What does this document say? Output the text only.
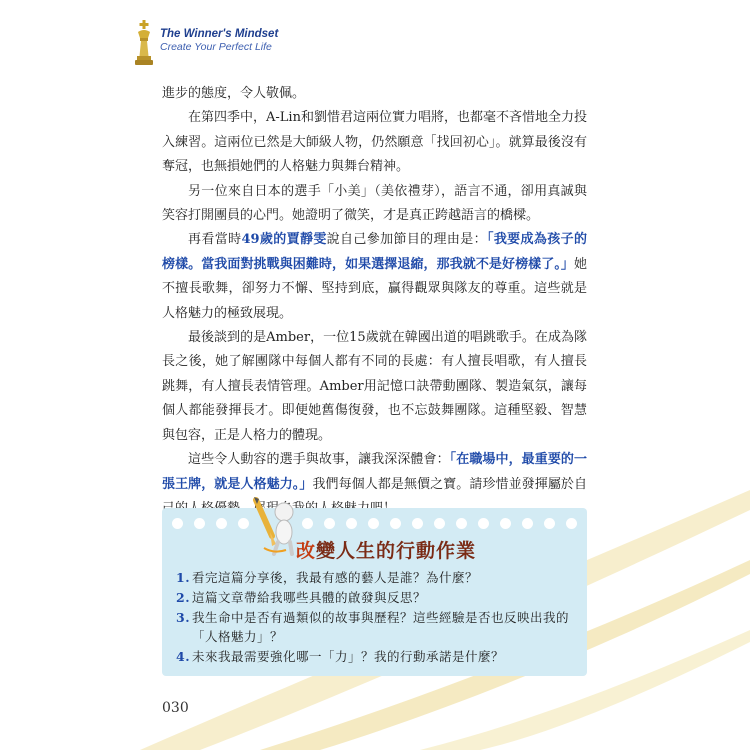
The Winner's Mindset
Create Your Perfect Life

進步的態度，令人敬佩。

在第四季中，A-Lin和劉惜君這兩位實力唱將，也都毫不吝惜地全力投入練習。這兩位已然是大師級人物，仍然願意「找回初心」。就算最後沒有奪冠，也無損她們的人格魅力與舞台精神。

另一位來自日本的選手「小美」（美依禮芽），語言不通，卻用真誠與笑容打開團員的心門。她證明了微笑，才是真正跨越語言的橋樑。

再看當時49歲的賈靜雯說自己參加節目的理由是：「我要成為孩子的榜樣。當我面對挑戰與困難時，如果選擇退縮，那我就不是好榜樣了。」她不擅長歌舞，卻努力不懈、堅持到底，贏得觀眾與隊友的尊重。這些就是人格魅力的極致展現。

最後談到的是Amber，一位15歲就在韓國出道的唱跳歌手。在成為隊長之後，她了解團隊中每個人都有不同的長處：有人擅長唱歌，有人擅長跳舞，有人擅長表情管理。Amber用記憶口訣帶動團隊、製造氣氛，讓每個人都能發揮長才。即便她舊傷復發，也不忘鼓舞團隊。這種堅毅、智慧與包容，正是人格力的體現。

這些令人動容的選手與故事，讓我深深體會：「在職場中，最重要的一張王牌，就是人格魅力。」我們每個人都是無價之寶。請珍惜並發揮屬於自

改變人生的行動作業
1. 看完這篇分享後，我最有感的藝人是誰？為什麼？
2. 這篇文章帶給我哪些具體的啟發與反思？
3. 我生命中是否有過類似的故事與歷程？這些經驗是否也反映出我的「人格魅力」？
4. 未來我最需要強化哪一「力」？我的行動承諾是什麼？
030
